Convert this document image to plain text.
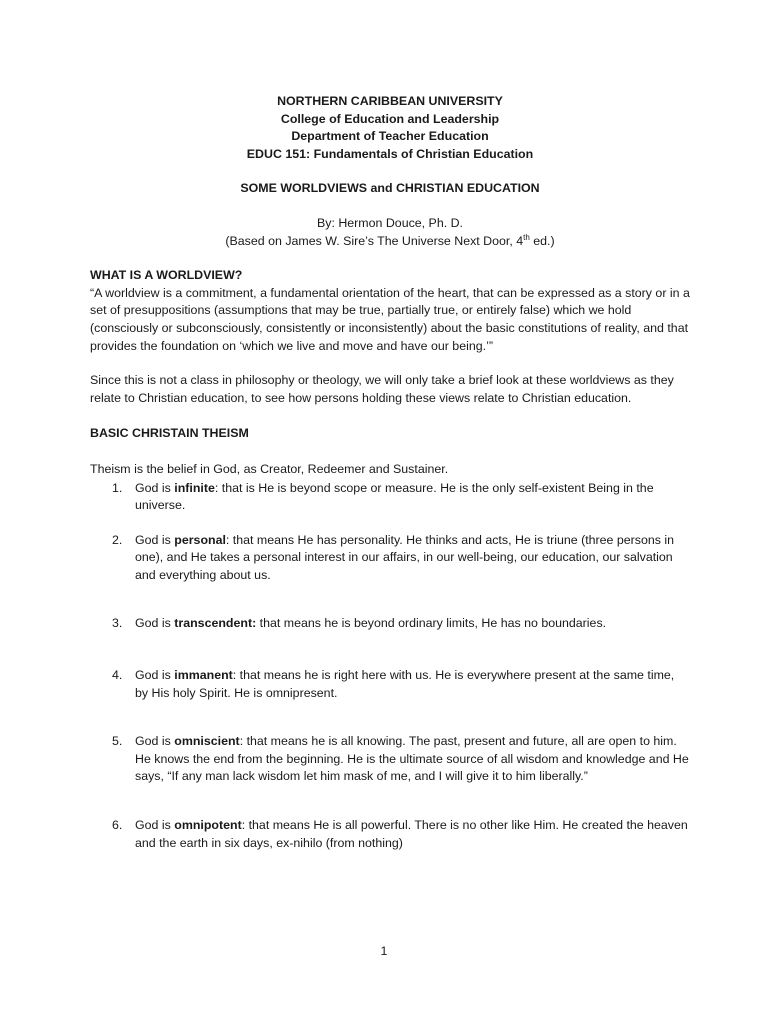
NORTHERN CARIBBEAN UNIVERSITY
College of Education and Leadership
Department of Teacher Education
EDUC 151: Fundamentals of Christian Education
SOME WORLDVIEWS and CHRISTIAN EDUCATION
By: Hermon Douce, Ph. D.
(Based on James W. Sire’s The Universe Next Door, 4th ed.)
WHAT IS A WORLDVIEW?

“A worldview is a commitment, a fundamental orientation of the heart, that can be expressed as a story or in a set of presuppositions (assumptions that may be true, partially true, or entirely false) which we hold (consciously or subconsciously, consistently or inconsistently) about the basic constitutions of reality, and that provides the foundation on ‘which we live and move and have our being.’”

Since this is not a class in philosophy or theology, we will only take a brief look at these worldviews as they relate to Christian education, to see how persons holding these views relate to Christian education.

BASIC CHRISTAIN THEISM

Theism is the belief in God, as Creator, Redeemer and Sustainer.

1. God is infinite: that is He is beyond scope or measure. He is the only self-existent Being in the universe.
2. God is personal: that means He has personality. He thinks and acts, He is triune (three persons in one), and He takes a personal interest in our affairs, in our well-being, our education, our salvation and everything about us.
3. God is transcendent: that means he is beyond ordinary limits, He has no boundaries.
4. God is immanent: that means he is right here with us. He is everywhere present at the same time, by His holy Spirit. He is omnipresent.
5. God is omniscient: that means he is all knowing. The past, present and future, all are open to him. He knows the end from the beginning. He is the ultimate source of all wisdom and knowledge and He says, “If any man lack wisdom let him mask of me, and I will give it to him liberally.”
6. God is omnipotent: that means He is all powerful. There is no other like Him. He created the heaven and the earth in six days, ex-nihilo (from nothing)
1
